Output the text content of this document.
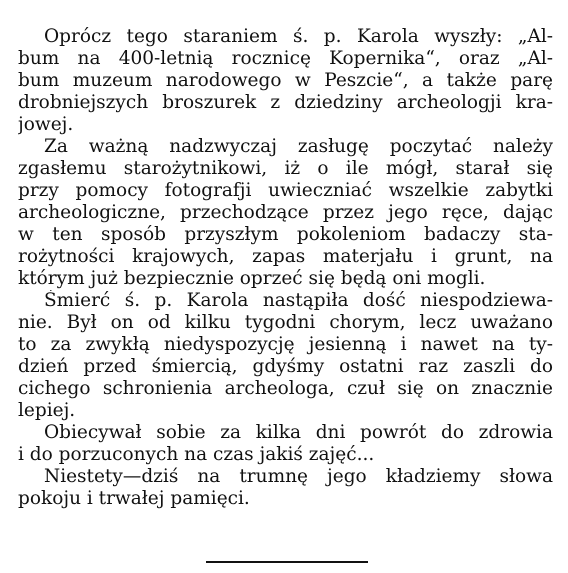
Oprócz tego staraniem ś. p. Karola wyszły: „Al-
bum na 400-letnią rocznicę Kopernika“, oraz „Al-
bum muzeum narodowego w Peszcie“, a także parę
drobniejszych broszurek z dziedziny archeologji kra-
jowej.
Za ważną nadzwyczaj zasługę poczytać należy
zgasłemu starożytnikowi, iż o ile mógł, starał się
przy pomocy fotografji uwieczniać wszelkie zabytki
archeologiczne, przechodzące przez jego ręce, dając
w ten sposób przyszłym pokoleniom badaczy sta-
rożytności krajowych, zapas materjału i grunt, na
którym już bezpiecznie oprzeć się będą oni mogli.
Śmierć ś. p. Karola nastąpiła dość niespodziewa-
nie. Był on od kilku tygodni chorym, lecz uważano
to za zwykłą niedyspozycję jesienną i nawet na ty-
dzień przed śmiercią, gdyśmy ostatni raz zaszli do
cichego schronienia archeologa, czuł się on znacznie
lepiej.
Obiecywał sobie za kilka dni powrót do zdrowia
i do porzuconych na czas jakiś zajęć...
Niestety—dziś na trumnę jego kładziemy słowa
pokoju i trwałej pamięci.
